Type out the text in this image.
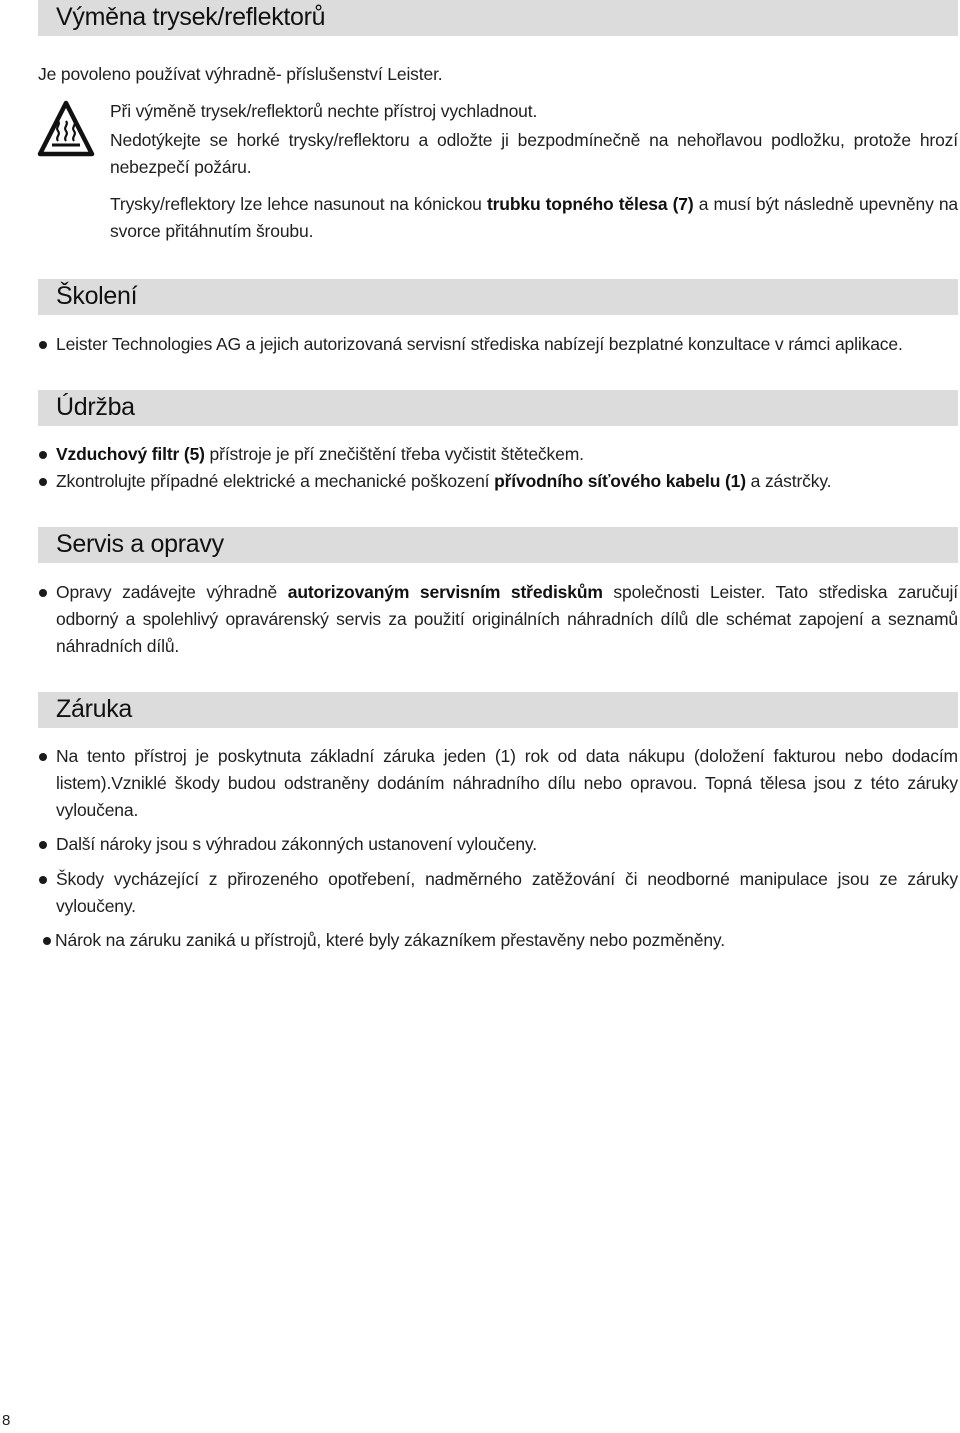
Výměna trysek/reflektorů
Je povoleno používat výhradně- příslušenství Leister.
Při výměně trysek/reflektorů nechte přístroj vychladnout.
Nedotýkejte se horké trysky/reflektoru a odložte ji bezpodmínečně na nehořlavou podložku, protože hrozí nebezpečí požáru.
Trysky/reflektory lze lehce nasunout na kónickou trubku topného tělesa (7) a musí být následně upevněny na svorce přitáhnutím šroubu.
Školení
Leister Technologies AG a jejich autorizovaná servisní střediska nabízejí bezplatné konzultace v rámci aplikace.
Údržba
Vzduchový filtr (5) přístroje je pří znečištění třeba vyčistit štětečkem.
Zkontrolujte případné elektrické a mechanické poškození přívodního síťového kabelu (1) a zástrčky.
Servis a opravy
Opravy zadávejte výhradně autorizovaným servisním střediskům společnosti Leister. Tato střediska zaručují odborný a spolehlivý opravárenský servis za použití originálních náhradních dílů dle schémat zapojení a seznamů náhradních dílů.
Záruka
Na tento přístroj je poskytnuta základní záruka jeden (1) rok od data nákupu (doložení fakturou nebo dodacím listem).Vzniklé škody budou odstraněny dodáním náhradního dílu nebo opravou. Topná tělesa jsou z této záruky vyloučena.
Další nároky jsou s výhradou zákonných ustanovení vyloučeny.
Škody vycházející z přirozeného opotřebení, nadměrného zatěžování či neodborné manipulace jsou ze záruky vyloučeny.
Nárok na záruku zaniká u přístrojů, které byly zákazníkem přestavěny nebo pozměněny.
8
